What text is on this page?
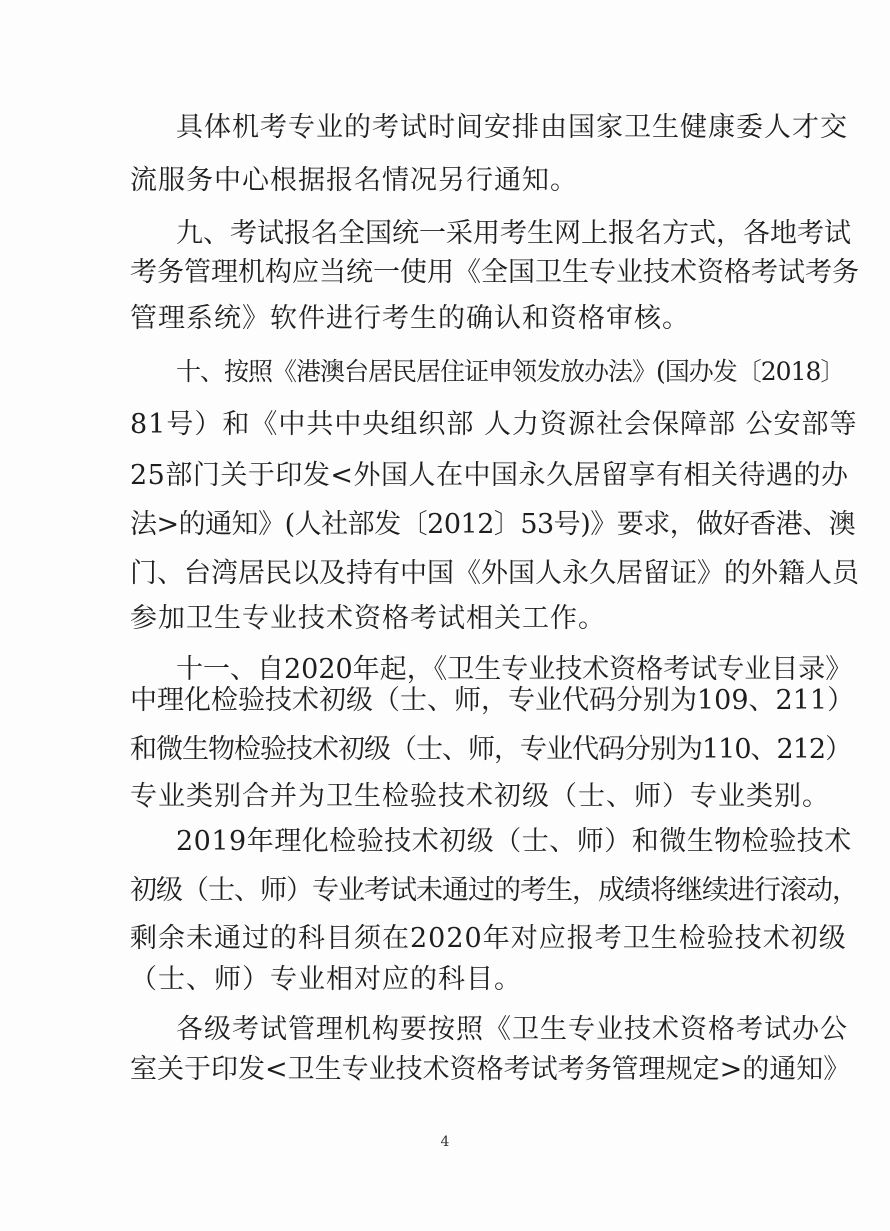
具体机考专业的考试时间安排由国家卫生健康委人才交
流服务中心根据报名情况另行通知。
九、考试报名全国统一采用考生网上报名方式，各地考试
考务管理机构应当统一使用《全国卫生专业技术资格考试考务
管理系统》软件进行考生的确认和资格审核。
十、按照《港澳台居民居住证申领发放办法》(国办发〔2018〕
81号）和《中共中央组织部 人力资源社会保障部 公安部等
25部门关于印发<外国人在中国永久居留享有相关待遇的办
法>的通知》(人社部发〔2012〕53号)》要求，做好香港、澳
门、台湾居民以及持有中国《外国人永久居留证》的外籍人员
参加卫生专业技术资格考试相关工作。
十一、自2020年起，《卫生专业技术资格考试专业目录》
中理化检验技术初级（士、师，专业代码分别为109、211）
和微生物检验技术初级（士、师，专业代码分别为110、212）
专业类别合并为卫生检验技术初级（士、师）专业类别。
2019年理化检验技术初级（士、师）和微生物检验技术
初级（士、师）专业考试未通过的考生，成绩将继续进行滚动，
剩余未通过的科目须在2020年对应报考卫生检验技术初级
（士、师）专业相对应的科目。
各级考试管理机构要按照《卫生专业技术资格考试办公
室关于印发<卫生专业技术资格考试考务管理规定>的通知》
4
